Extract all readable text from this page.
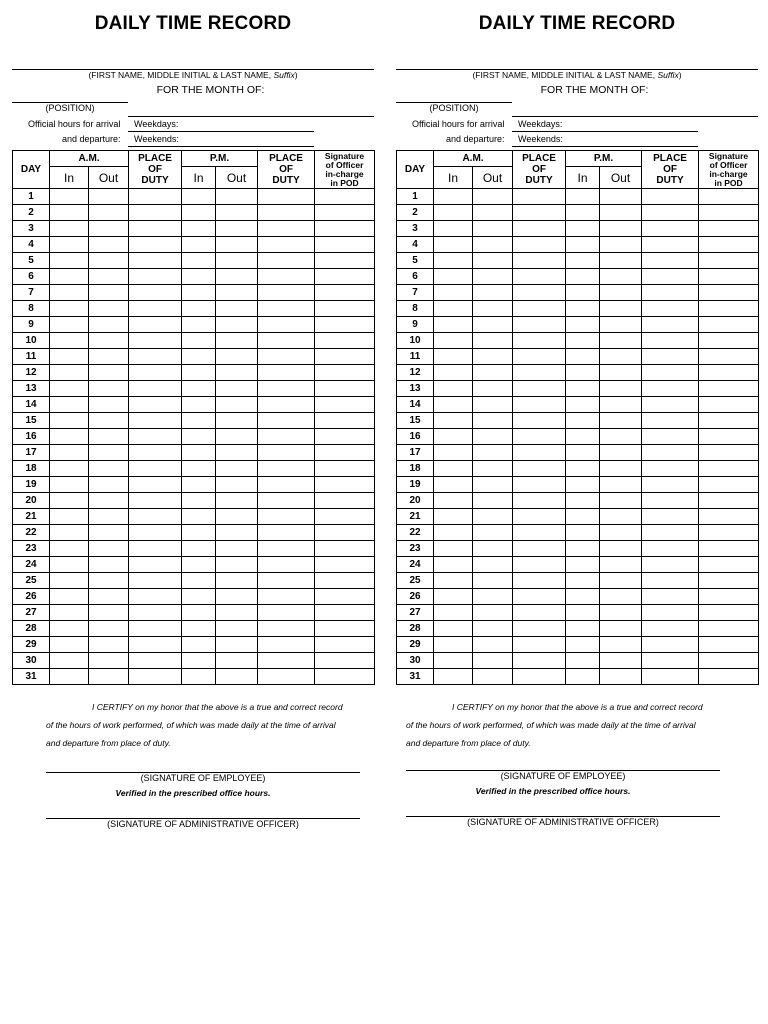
DAILY TIME RECORD
(FIRST NAME, MIDDLE INITIAL & LAST NAME, Suffix)
FOR THE MONTH OF:
(POSITION)
Official hours for arrival
and departure:
Weekdays:
Weekends:
DAY	A.M.		PLACE
OF
DUTY	P.M.		PLACE
OF
DUTY	Signature
of Officer
in-charge
in POD
	In	Out		In	Out		
1							
2							
3							
4							
5							
6							
7							
8							
9							
10							
11							
12							
13							
14							
15							
16							
17							
18							
19							
20							
21							
22							
23							
24							
25							
26							
27							
28							
29							
30							
31							
I CERTIFY on my honor that the above is a true and correct record
of the hours of work performed, of which was made daily at the time of arrival
and departure from place of duty.
(SIGNATURE OF EMPLOYEE)
Verified in the prescribed office hours.
(SIGNATURE OF ADMINISTRATIVE OFFICER)
DAILY TIME RECORD
(FIRST NAME, MIDDLE INITIAL & LAST NAME, Suffix)
FOR THE MONTH OF:
(POSITION)
Official hours for arrival
and departure:
Weekdays:
Weekends:
DAY	A.M.		PLACE
OF
DUTY	P.M.		PLACE
OF
DUTY	Signature
of Officer
in-charge
in POD
	In	Out		In	Out		
1							
2							
3							
4							
5							
6							
7							
8							
9							
10							
11							
12							
13							
14							
15							
16							
17							
18							
19							
20							
21							
22							
23							
24							
25							
26							
27							
28							
29							
30							
31							
I CERTIFY on my honor that the above is a true and correct record
of the hours of work performed, of which was made daily at the time of arrival
and departure from place of duty.
(SIGNATURE OF EMPLOYEE)
Verified in the prescribed office hours.
(SIGNATURE OF ADMINISTRATIVE OFFICER)
